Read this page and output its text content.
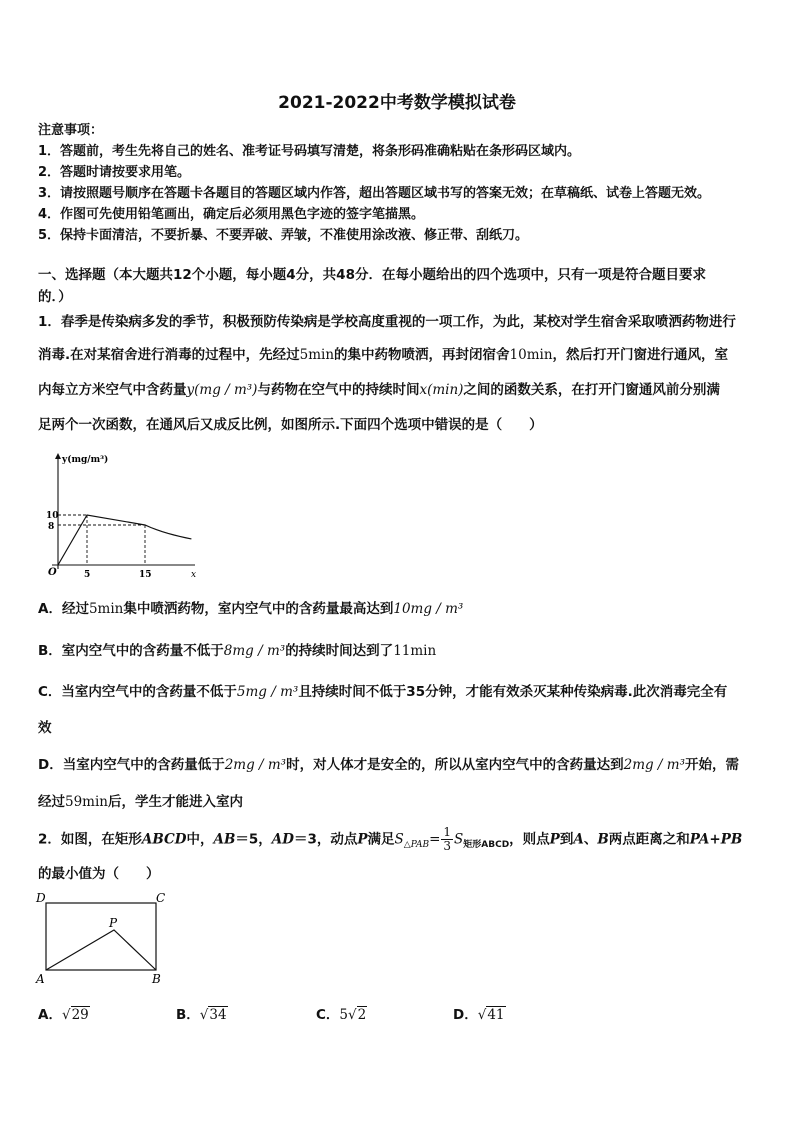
2021-2022中考数学模拟试卷
注意事项：
1．答题前，考生先将自己的姓名、准考证号码填写清楚，将条形码准确粘贴在条形码区域内。
2．答题时请按要求用笔。
3．请按照题号顺序在答题卡各题目的答题区域内作答，超出答题区域书写的答案无效；在草稿纸、试卷上答题无效。
4．作图可先使用铅笔画出，确定后必须用黑色字迹的签字笔描黑。
5．保持卡面清洁，不要折暴、不要弄破、弄皱，不准使用涂改液、修正带、刮纸刀。
一、选择题（本大题共12个小题，每小题4分，共48分．在每小题给出的四个选项中，只有一项是符合题目要求
的．）
1．春季是传染病多发的季节，积极预防传染病是学校高度重视的一项工作，为此，某校对学生宿舍采取喷洒药物进行
消毒.在对某宿舍进行消毒的过程中，先经过5min的集中药物喷洒，再封闭宿舍10min，然后打开门窗进行通风，室
内每立方米空气中含药量y(mg / m³)与药物在空气中的持续时间x(min)之间的函数关系，在打开门窗通风前分别满
足两个一次函数，在通风后又成反比例，如图所示.下面四个选项中错误的是（　　）
y(mg/m³)
10
8
5	15
O	x
A．经过5min集中喷洒药物，室内空气中的含药量最高达到10mg / m³
B．室内空气中的含药量不低于8mg / m³的持续时间达到了11min
C．当室内空气中的含药量不低于5mg / m³且持续时间不低于35分钟，才能有效杀灭某种传染病毒.此次消毒完全有
效
D．当室内空气中的含药量低于2mg / m³时，对人体才是安全的，所以从室内空气中的含药量达到2mg / m³开始，需
经过59min后，学生才能进入室内
2．如图，在矩形ABCD中，AB＝5，AD＝3，动点P满足$S_{\triangle PAB}= \frac{1}{3} S_{矩形ABCD}$，则点P到A、B两点距离之和PA+PB
的最小值为（　　）
D	C
P
A	B
A．√29	B．√34	C．5√2	D．√41
